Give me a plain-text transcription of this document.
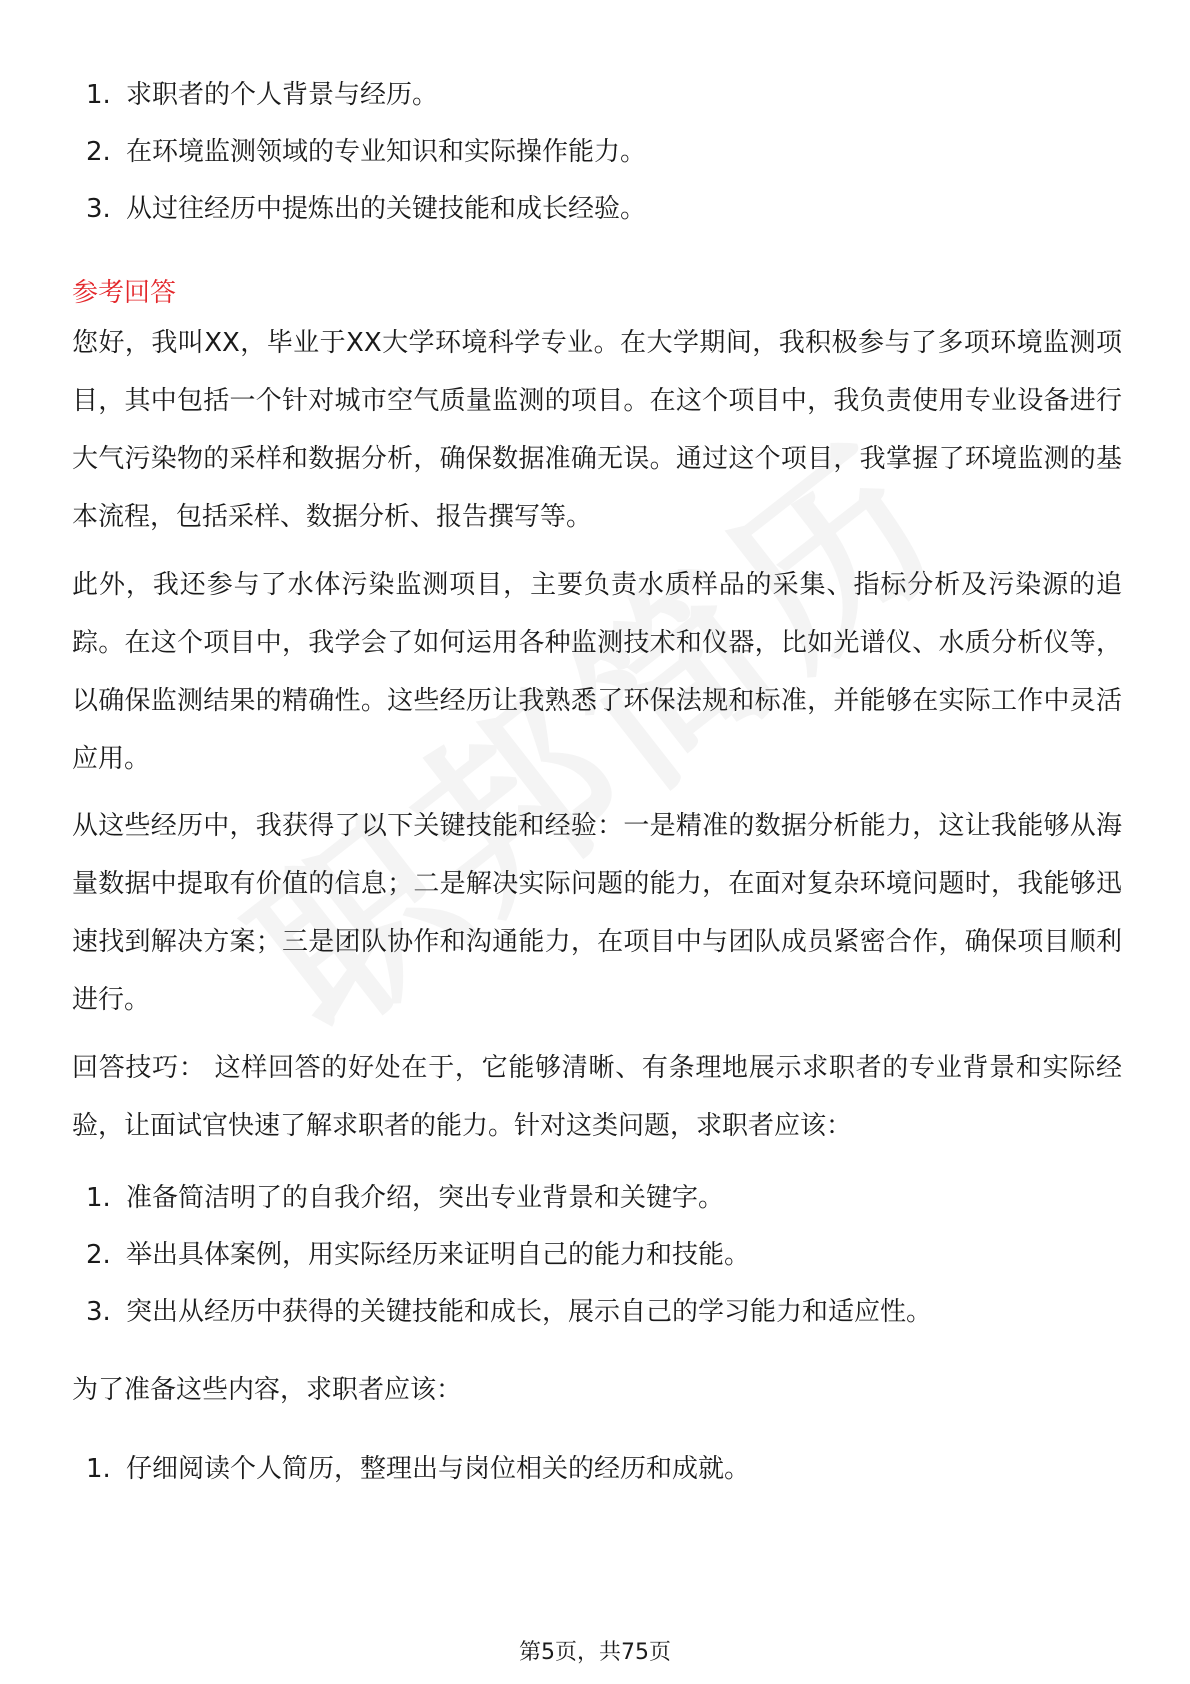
1. 求职者的个人背景与经历。
2. 在环境监测领域的专业知识和实际操作能力。
3. 从过往经历中提炼出的关键技能和成长经验。
参考回答

您好，我叫XX，毕业于XX大学环境科学专业。在大学期间，我积极参与了多项环境监测项目，其中包括一个针对城市空气质量监测的项目。在这个项目中，我负责使用专业设备进行大气污染物的采样和数据分析，确保数据准确无误。通过这个项目，我掌握了环境监测的基本流程，包括采样、数据分析、报告撰写等。

此外，我还参与了水体污染监测项目，主要负责水质样品的采集、指标分析及污染源的追踪。在这个项目中，我学会了如何运用各种监测技术和仪器，比如光谱仪、水质分析仪等，以确保监测结果的精确性。这些经历让我熟悉了环保法规和标准，并能够在实际工作中灵活应用。

从这些经历中，我获得了以下关键技能和经验：一是精准的数据分析能力，这让我能够从海量数据中提取有价值的信息；二是解决实际问题的能力，在面对复杂环境问题时，我能够迅速找到解决方案；三是团队协作和沟通能力，在项目中与团队成员紧密合作，确保项目顺利进行。

回答技巧： 这样回答的好处在于，它能够清晰、有条理地展示求职者的专业背景和实际经验，让面试官快速了解求职者的能力。针对这类问题，求职者应该：

1. 准备简洁明了的自我介绍，突出专业背景和关键字。
2. 举出具体案例，用实际经历来证明自己的能力和技能。
3. 突出从经历中获得的关键技能和成长，展示自己的学习能力和适应性。

为了准备这些内容，求职者应该：

1. 仔细阅读个人简历，整理出与岗位相关的经历和成就。
第5页，共75页
